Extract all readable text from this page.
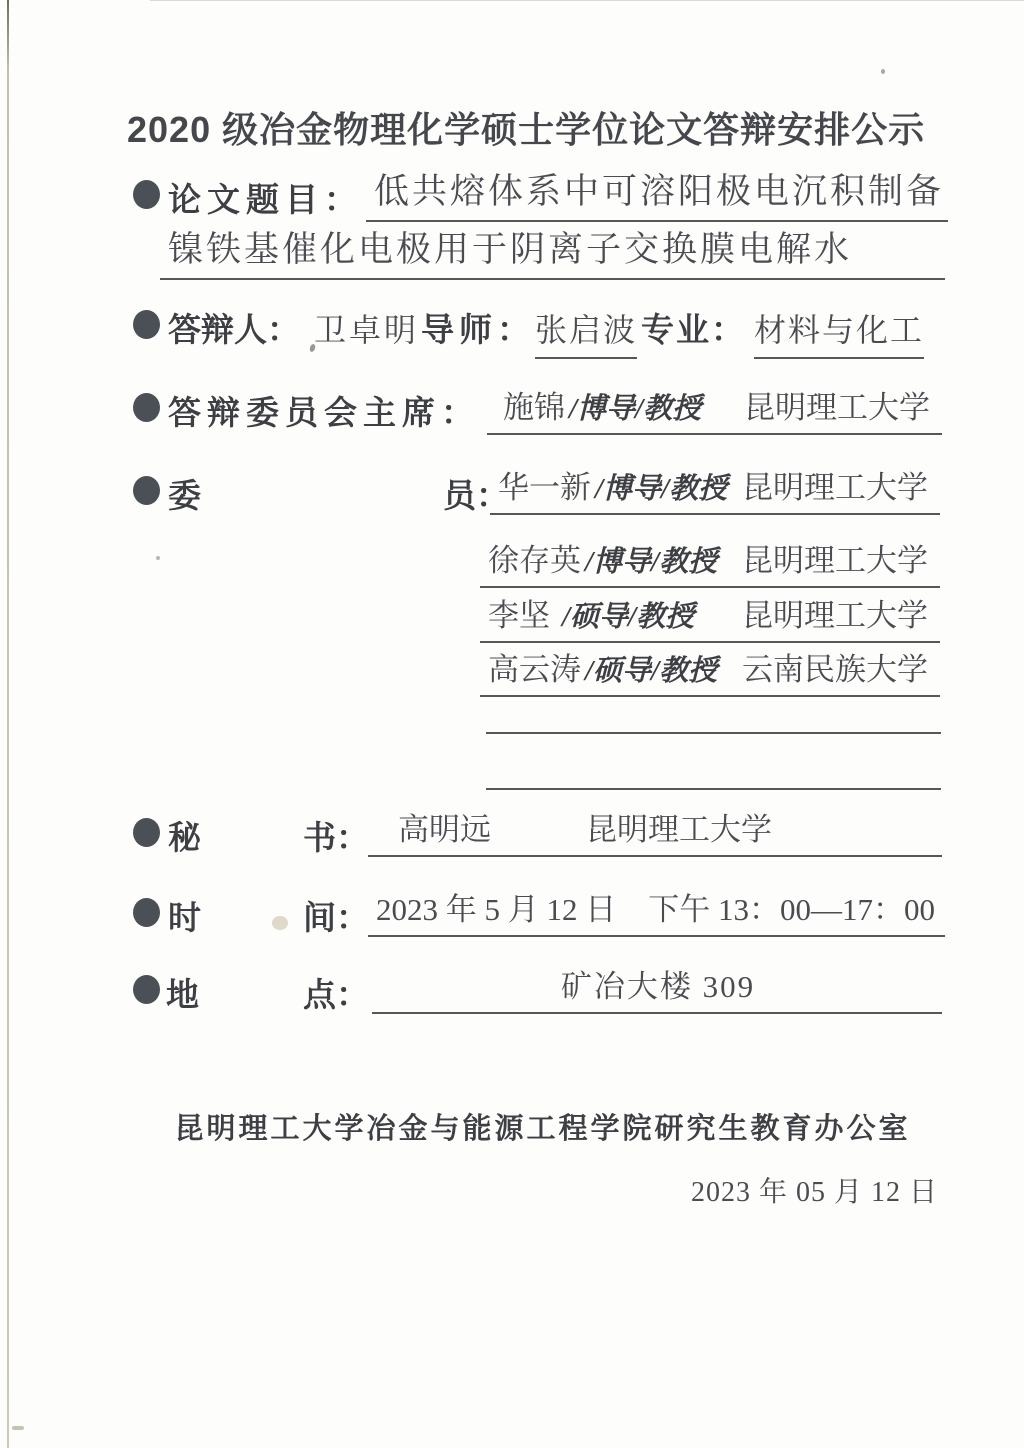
2020 级冶金物理化学硕士学位论文答辩安排公示
论文题目： 低共熔体系中可溶阳极电沉积制备
镍铁基催化电极用于阴离子交换膜电解水
答辩人： 卫卓明 导师： 张启波 专业： 材料与化工
答辩委员会主席： 施锦 /博导/教授 昆明理工大学
委	员：
华一新 /博导/教授 昆明理工大学
徐存英 /博导/教授 昆明理工大学
李坚 /硕导/教授 昆明理工大学
高云涛 /硕导/教授 云南民族大学
秘	书： 高明远	昆明理工大学
时	间： 2023 年 5 月 12 日 下午 13：00—17：00
地	点：	矿冶大楼 309
昆明理工大学冶金与能源工程学院研究生教育办公室
2023 年 05 月 12 日
